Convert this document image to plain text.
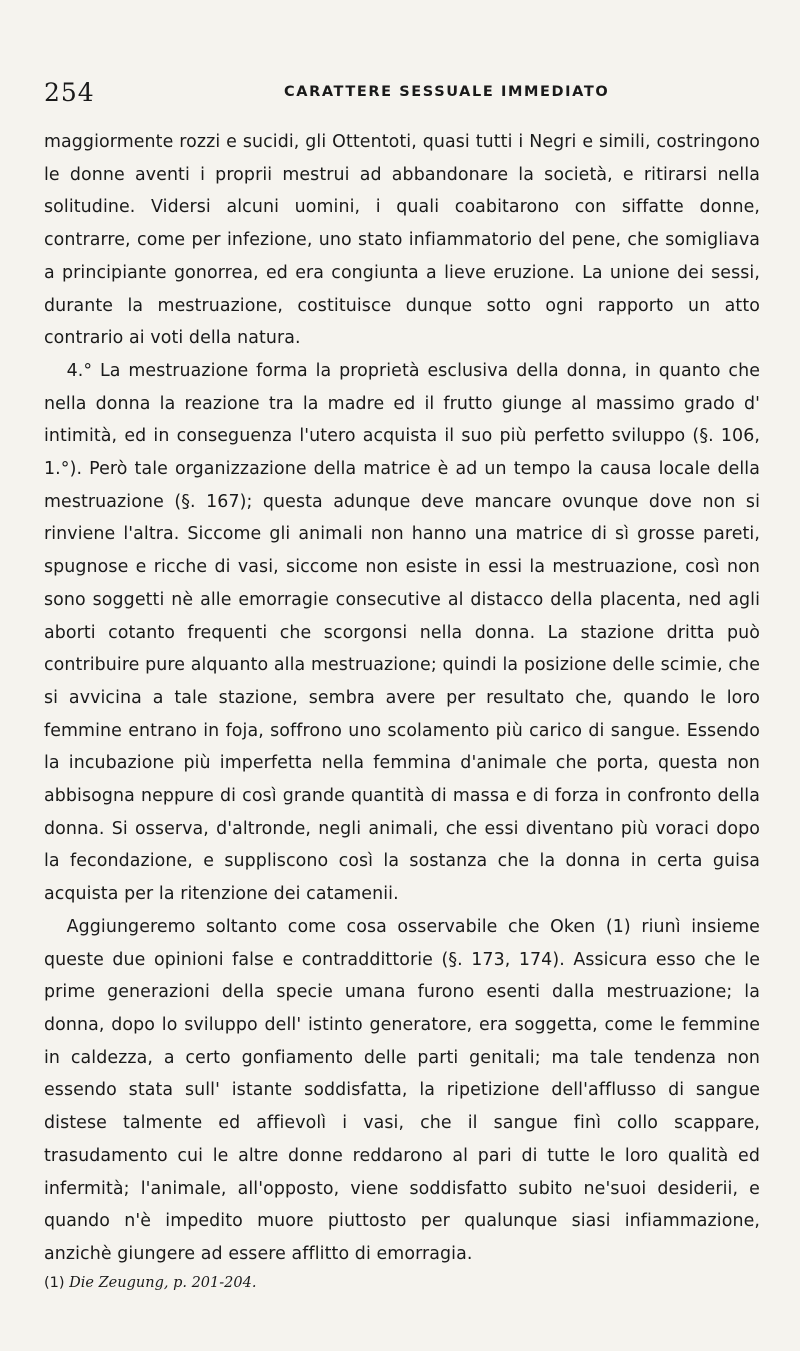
254	CARATTERE SESSUALE IMMEDIATO

maggiormente rozzi e sucidi, gli Ottentoti, quasi tutti i Negri e simili, costringono le donne aventi i proprii mestrui ad abbandonare la società, e ritirarsi nella solitudine. Vidersi alcuni uomini, i quali coabitarono con siffatte donne, contrarre, come per infezione, uno stato infiammatorio del pene, che somigliava a principiante gonorrea, ed era congiunta a lieve eruzione. La unione dei sessi, durante la mestruazione, costituisce dunque sotto ogni rapporto un atto contrario ai voti della natura.

4.° La mestruazione forma la proprietà esclusiva della donna, in quanto che nella donna la reazione tra la madre ed il frutto giunge al massimo grado d' intimità, ed in conseguenza l'utero acquista il suo più perfetto sviluppo (§. 106, 1.°). Però tale organizzazione della matrice è ad un tempo la causa locale della mestruazione (§. 167); questa adunque deve mancare ovunque dove non si rinviene l'altra. Siccome gli animali non hanno una matrice di sì grosse pareti, spugnose e ricche di vasi, siccome non esiste in essi la mestruazione, così non sono soggetti nè alle emorragie consecutive al distacco della placenta, ned agli aborti cotanto frequenti che scorgonsi nella donna. La stazione dritta può contribuire pure alquanto alla mestruazione; quindi la posizione delle scimie, che si avvicina a tale stazione, sembra avere per resultato che, quando le loro femmine entrano in foja, soffrono uno scolamento più carico di sangue. Essendo la incubazione più imperfetta nella femmina d'animale che porta, questa non abbisogna neppure di così grande quantità di massa e di forza in confronto della donna. Si osserva, d'altronde, negli animali, che essi diventano più voraci dopo la fecondazione, e suppliscono così la sostanza che la donna in certa guisa acquista per la ritenzione dei catamenii.

Aggiungeremo soltanto come cosa osservabile che Oken (1) riunì insieme queste due opinioni false e contraddittorie (§. 173, 174). Assicura esso che le prime generazioni della specie umana furono esenti dalla mestruazione; la donna, dopo lo sviluppo dell' istinto generatore, era soggetta, come le femmine in caldezza, a certo gonfiamento delle parti genitali; ma tale tendenza non essendo stata sull' istante soddisfatta, la ripetizione dell'afflusso di sangue distese talmente ed affievolì i vasi, che il sangue finì collo scappare, trasudamento cui le altre donne reddarono al pari di tutte le loro qualità ed infermità; l'animale, all'opposto, viene soddisfatto subito ne'suoi desiderii, e quando n'è impedito muore piuttosto per qualunque siasi infiammazione, anzichè giungere ad essere afflitto di emorragia.

(1) Die Zeugung, p. 201-204.
